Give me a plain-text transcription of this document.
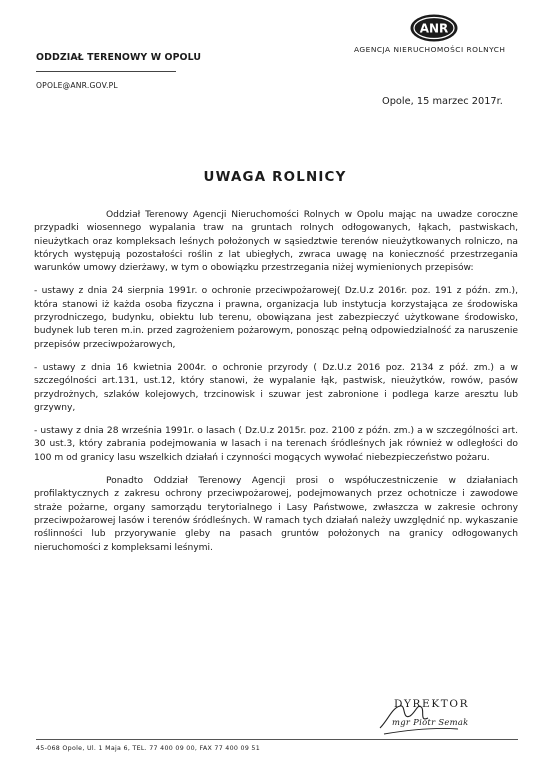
ODDZIAŁ TERENOWY W OPOLU
OPOLE@ANR.GOV.PL
ANR
AGENCJA NIERUCHOMOŚCI ROLNYCH
Opole, 15 marzec 2017r.
UWAGA ROLNICY

Oddział Terenowy Agencji Nieruchomości Rolnych w Opolu mając na uwadze coroczne przypadki wiosennego wypalania traw na gruntach rolnych odłogowanych, łąkach, pastwiskach, nieużytkach oraz kompleksach leśnych położonych w sąsiedztwie terenów nieużytkowanych rolniczo, na których występują pozostałości roślin z lat ubiegłych, zwraca uwagę na konieczność przestrzegania warunków umowy dzierżawy, w tym o obowiązku przestrzegania niżej wymienionych przepisów:

- ustawy z dnia 24 sierpnia 1991r. o ochronie przeciwpożarowej( Dz.U.z 2016r. poz. 191 z późn. zm.), która stanowi iż każda osoba fizyczna i prawna, organizacja lub instytucja korzystająca ze środowiska przyrodniczego, budynku, obiektu lub terenu, obowiązana jest zabezpieczyć użytkowane środowisko, budynek lub teren m.in. przed zagrożeniem pożarowym, ponosząc pełną odpowiedzialność za naruszenie przepisów przeciwpożarowych,

- ustawy z dnia 16 kwietnia 2004r. o ochronie przyrody ( Dz.U.z 2016 poz. 2134 z póź. zm.) a w szczególności art.131, ust.12, który stanowi, że wypalanie łąk, pastwisk, nieużytków, rowów, pasów przydrożnych, szlaków kolejowych, trzcinowisk i szuwar jest zabronione i podlega karze aresztu lub grzywny,

- ustawy z dnia 28 września 1991r. o lasach ( Dz.U.z 2015r. poz. 2100 z późn. zm.) a w szczególności art. 30 ust.3, który zabrania podejmowania w lasach i na terenach śródleśnych jak również w odległości do 100 m od granicy lasu wszelkich działań i czynności mogących wywołać niebezpieczeństwo pożaru.

Ponadto Oddział Terenowy Agencji prosi o współuczestniczenie w działaniach profilaktycznych z zakresu ochrony przeciwpożarowej, podejmowanych przez ochotnicze i zawodowe straże pożarne, organy samorządu terytorialnego i Lasy Państwowe, zwłaszcza w zakresie ochrony przeciwpożarowej lasów i terenów śródleśnych. W ramach tych działań należy uwzględnić np. wykaszanie roślinności lub przyorywanie gleby na pasach gruntów położonych na granicy odłogowanych nieruchomości z kompleksami leśnymi.

DYREKTOR
mgr Piotr Semak
45-068 Opole, Ul. 1 Maja 6, TEL. 77 400 09 00, FAX 77 400 09 51
